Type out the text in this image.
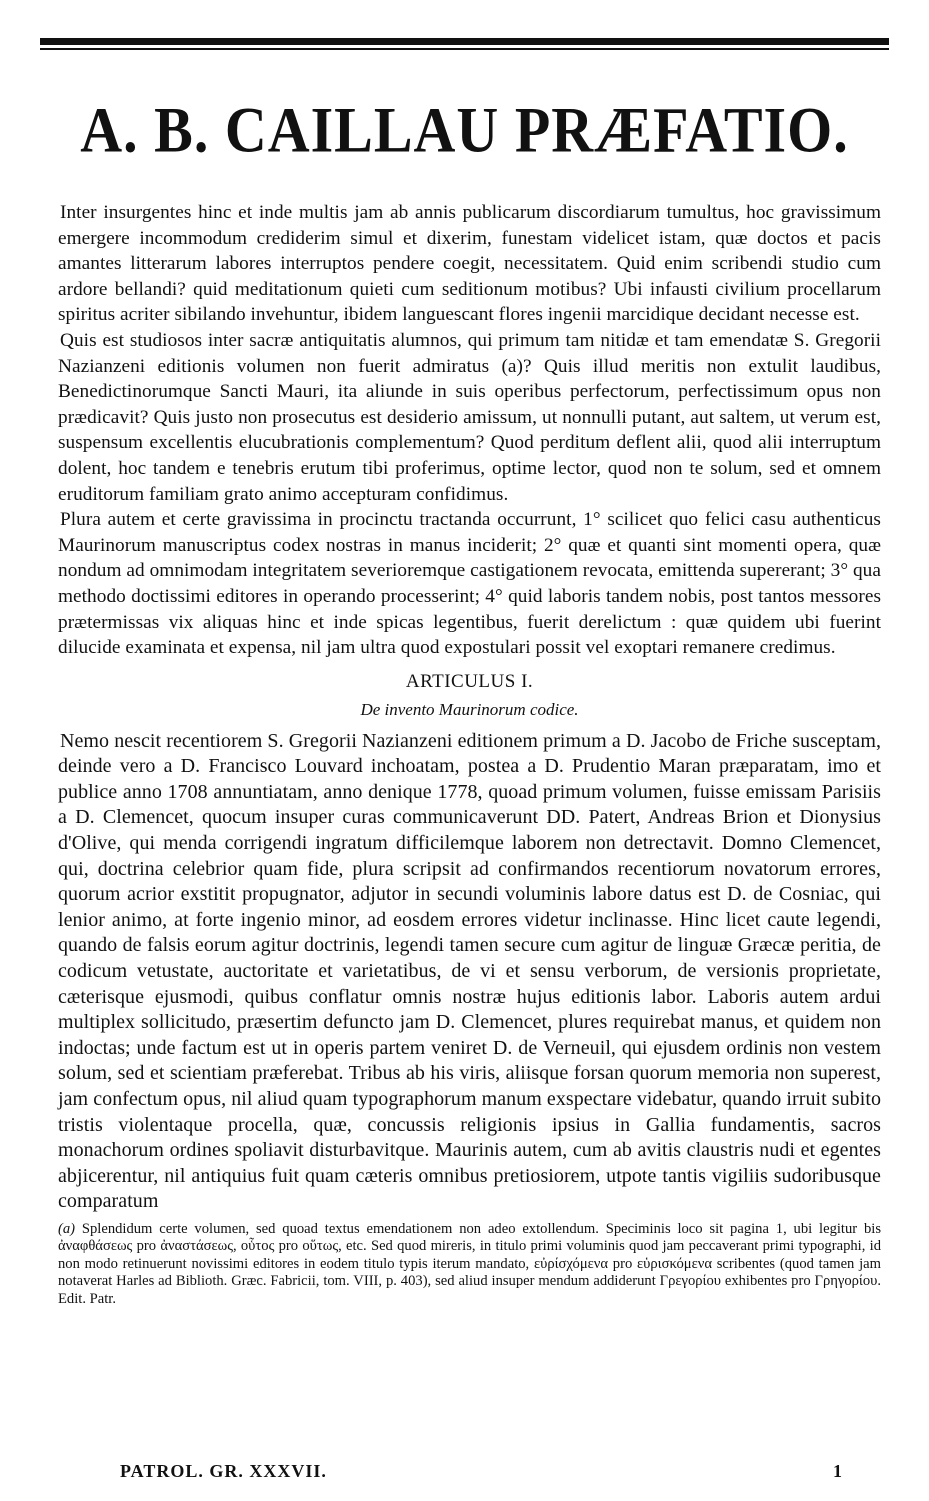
A. B. CAILLAU PRÆFATIO.

Inter insurgentes hinc et inde multis jam ab annis publicarum discordiarum tumultus, hoc gravissimum emergere incommodum crediderim simul et dixerim, funestam videlicet istam, quæ doctos et pacis amantes litterarum labores interruptos pendere coegit, necessitatem. Quid enim scribendi studio cum ardore bellandi? quid meditationum quieti cum seditionum motibus? Ubi infausti civilium procellarum spiritus acriter sibilando invehuntur, ibidem languescant flores ingenii marcidique decidant necesse est.

Quis est studiosos inter sacræ antiquitatis alumnos, qui primum tam nitidæ et tam emendatæ S. Gregorii Nazianzeni editionis volumen non fuerit admiratus (a)? Quis illud meritis non extulit laudibus, Benedictinorumque Sancti Mauri, ita aliunde in suis operibus perfectorum, perfectissimum opus non prædicavit? Quis justo non prosecutus est desiderio amissum, ut nonnulli putant, aut saltem, ut verum est, suspensum excellentis elucubrationis complementum? Quod perditum deflent alii, quod alii interruptum dolent, hoc tandem e tenebris erutum tibi proferimus, optime lector, quod non te solum, sed et omnem eruditorum familiam grato animo accepturam confidimus.

Plura autem et certe gravissima in procinctu tractanda occurrunt, 1° scilicet quo felici casu authenticus Maurinorum manuscriptus codex nostras in manus inciderit; 2° quæ et quanti sint momenti opera, quæ nondum ad omnimodam integritatem severioremque castigationem revocata, emittenda supererant; 3° qua methodo doctissimi editores in operando processerint; 4° quid laboris tandem nobis, post tantos messores prætermissas vix aliquas hinc et inde spicas legentibus, fuerit derelictum : quæ quidem ubi fuerint dilucide examinata et expensa, nil jam ultra quod expostulari possit vel exoptari remanere credimus.

ARTICULUS I.
De invento Maurinorum codice.

Nemo nescit recentiorem S. Gregorii Nazianzeni editionem primum a D. Jacobo de Friche susceptam, deinde vero a D. Francisco Louvard inchoatam, postea a D. Prudentio Maran præparatam, imo et publice anno 1708 annuntiatam, anno denique 1778, quoad primum volumen, fuisse emissam Parisiis a D. Clemencet, quocum insuper curas communicaverunt DD. Patert, Andreas Brion et Dionysius d'Olive, qui menda corrigendi ingratum difficilemque laborem non detrectavit. Domno Clemencet, qui, doctrina celebrior quam fide, plura scripsit ad confirmandos recentiorum novatorum errores, quorum acrior exstitit propugnator, adjutor in secundi voluminis labore datus est D. de Cosniac, qui lenior animo, at forte ingenio minor, ad eosdem errores videtur inclinasse. Hinc licet caute legendi, quando de falsis eorum agitur doctrinis, legendi tamen secure cum agitur de linguæ Græcæ peritia, de codicum vetustate, auctoritate et varietatibus, de vi et sensu verborum, de versionis proprietate, cæterisque ejusmodi, quibus conflatur omnis nostræ hujus editionis labor. Laboris autem ardui multiplex sollicitudo, præsertim defuncto jam D. Clemencet, plures requirebat manus, et quidem non indoctas; unde factum est ut in operis partem veniret D. de Verneuil, qui ejusdem ordinis non vestem solum, sed et scientiam præferebat. Tribus ab his viris, aliisque forsan quorum memoria non superest, jam confectum opus, nil aliud quam typographorum manum exspectare videbatur, quando irruit subito tristis violentaque procella, quæ, concussis religionis ipsius in Gallia fundamentis, sacros monachorum ordines spoliavit disturbavitque. Maurinis autem, cum ab avitis claustris nudi et egentes abjicerentur, nil antiquius fuit quam cæteris omnibus pretiosiorem, utpote tantis vigiliis sudoribusque comparatum

(a) Splendidum certe volumen, sed quoad textus emendationem non adeo extollendum. Speciminis loco sit pagina 1, ubi legitur bis ἀναφθάσεως pro ἀναστάσεως, οὗτος pro οὕτως, etc. Sed quod mireris, in titulo primi voluminis quod jam peccaverant primi typographi, id non modo retinuerunt novissimi editores in eodem titulo typis iterum mandato, εὐρίσχόμενα pro εὑρισκόμενα scribentes (quod tamen jam notaverat Harles ad Biblioth. Græc. Fabricii, tom. VIII, p. 403), sed aliud insuper mendum addiderunt Γρεγορίου exhibentes pro Γρηγορίου. Edit. Patr.

PATROL. GR. XXXVII.	1
